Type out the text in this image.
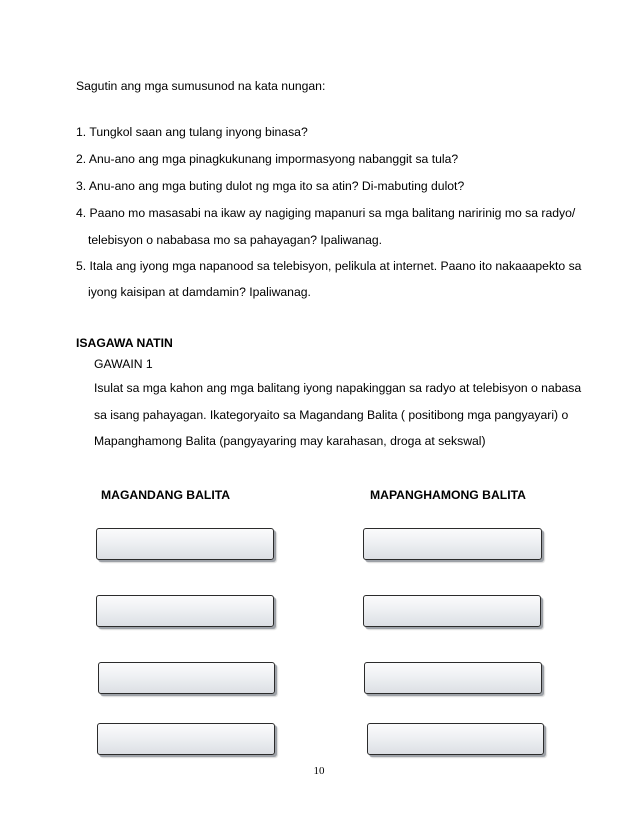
Sagutin ang mga sumusunod na kata nungan:
1. Tungkol saan ang tulang inyong binasa?
2. Anu-ano ang mga pinagkukunang impormasyong nabanggit sa tula?
3. Anu-ano ang mga buting dulot ng mga ito sa atin? Di-mabuting dulot?
4. Paano mo masasabi na ikaw ay nagiging mapanuri sa mga balitang naririnig mo sa radyo/
telebisyon o nababasa mo sa pahayagan? Ipaliwanag.
5. Itala ang iyong mga napanood sa telebisyon, pelikula at internet. Paano ito nakaaapekto sa
iyong kaisipan at damdamin? Ipaliwanag.
ISAGAWA NATIN
GAWAIN 1
Isulat sa mga kahon ang mga balitang iyong napakinggan sa radyo at telebisyon o nabasa
sa isang pahayagan. Ikategoryaito sa Magandang Balita ( positibong mga pangyayari) o
Mapanghamong Balita (pangyayaring may karahasan, droga at sekswal)
MAGANDANG BALITA	MAPANGHAMONG BALITA
10
